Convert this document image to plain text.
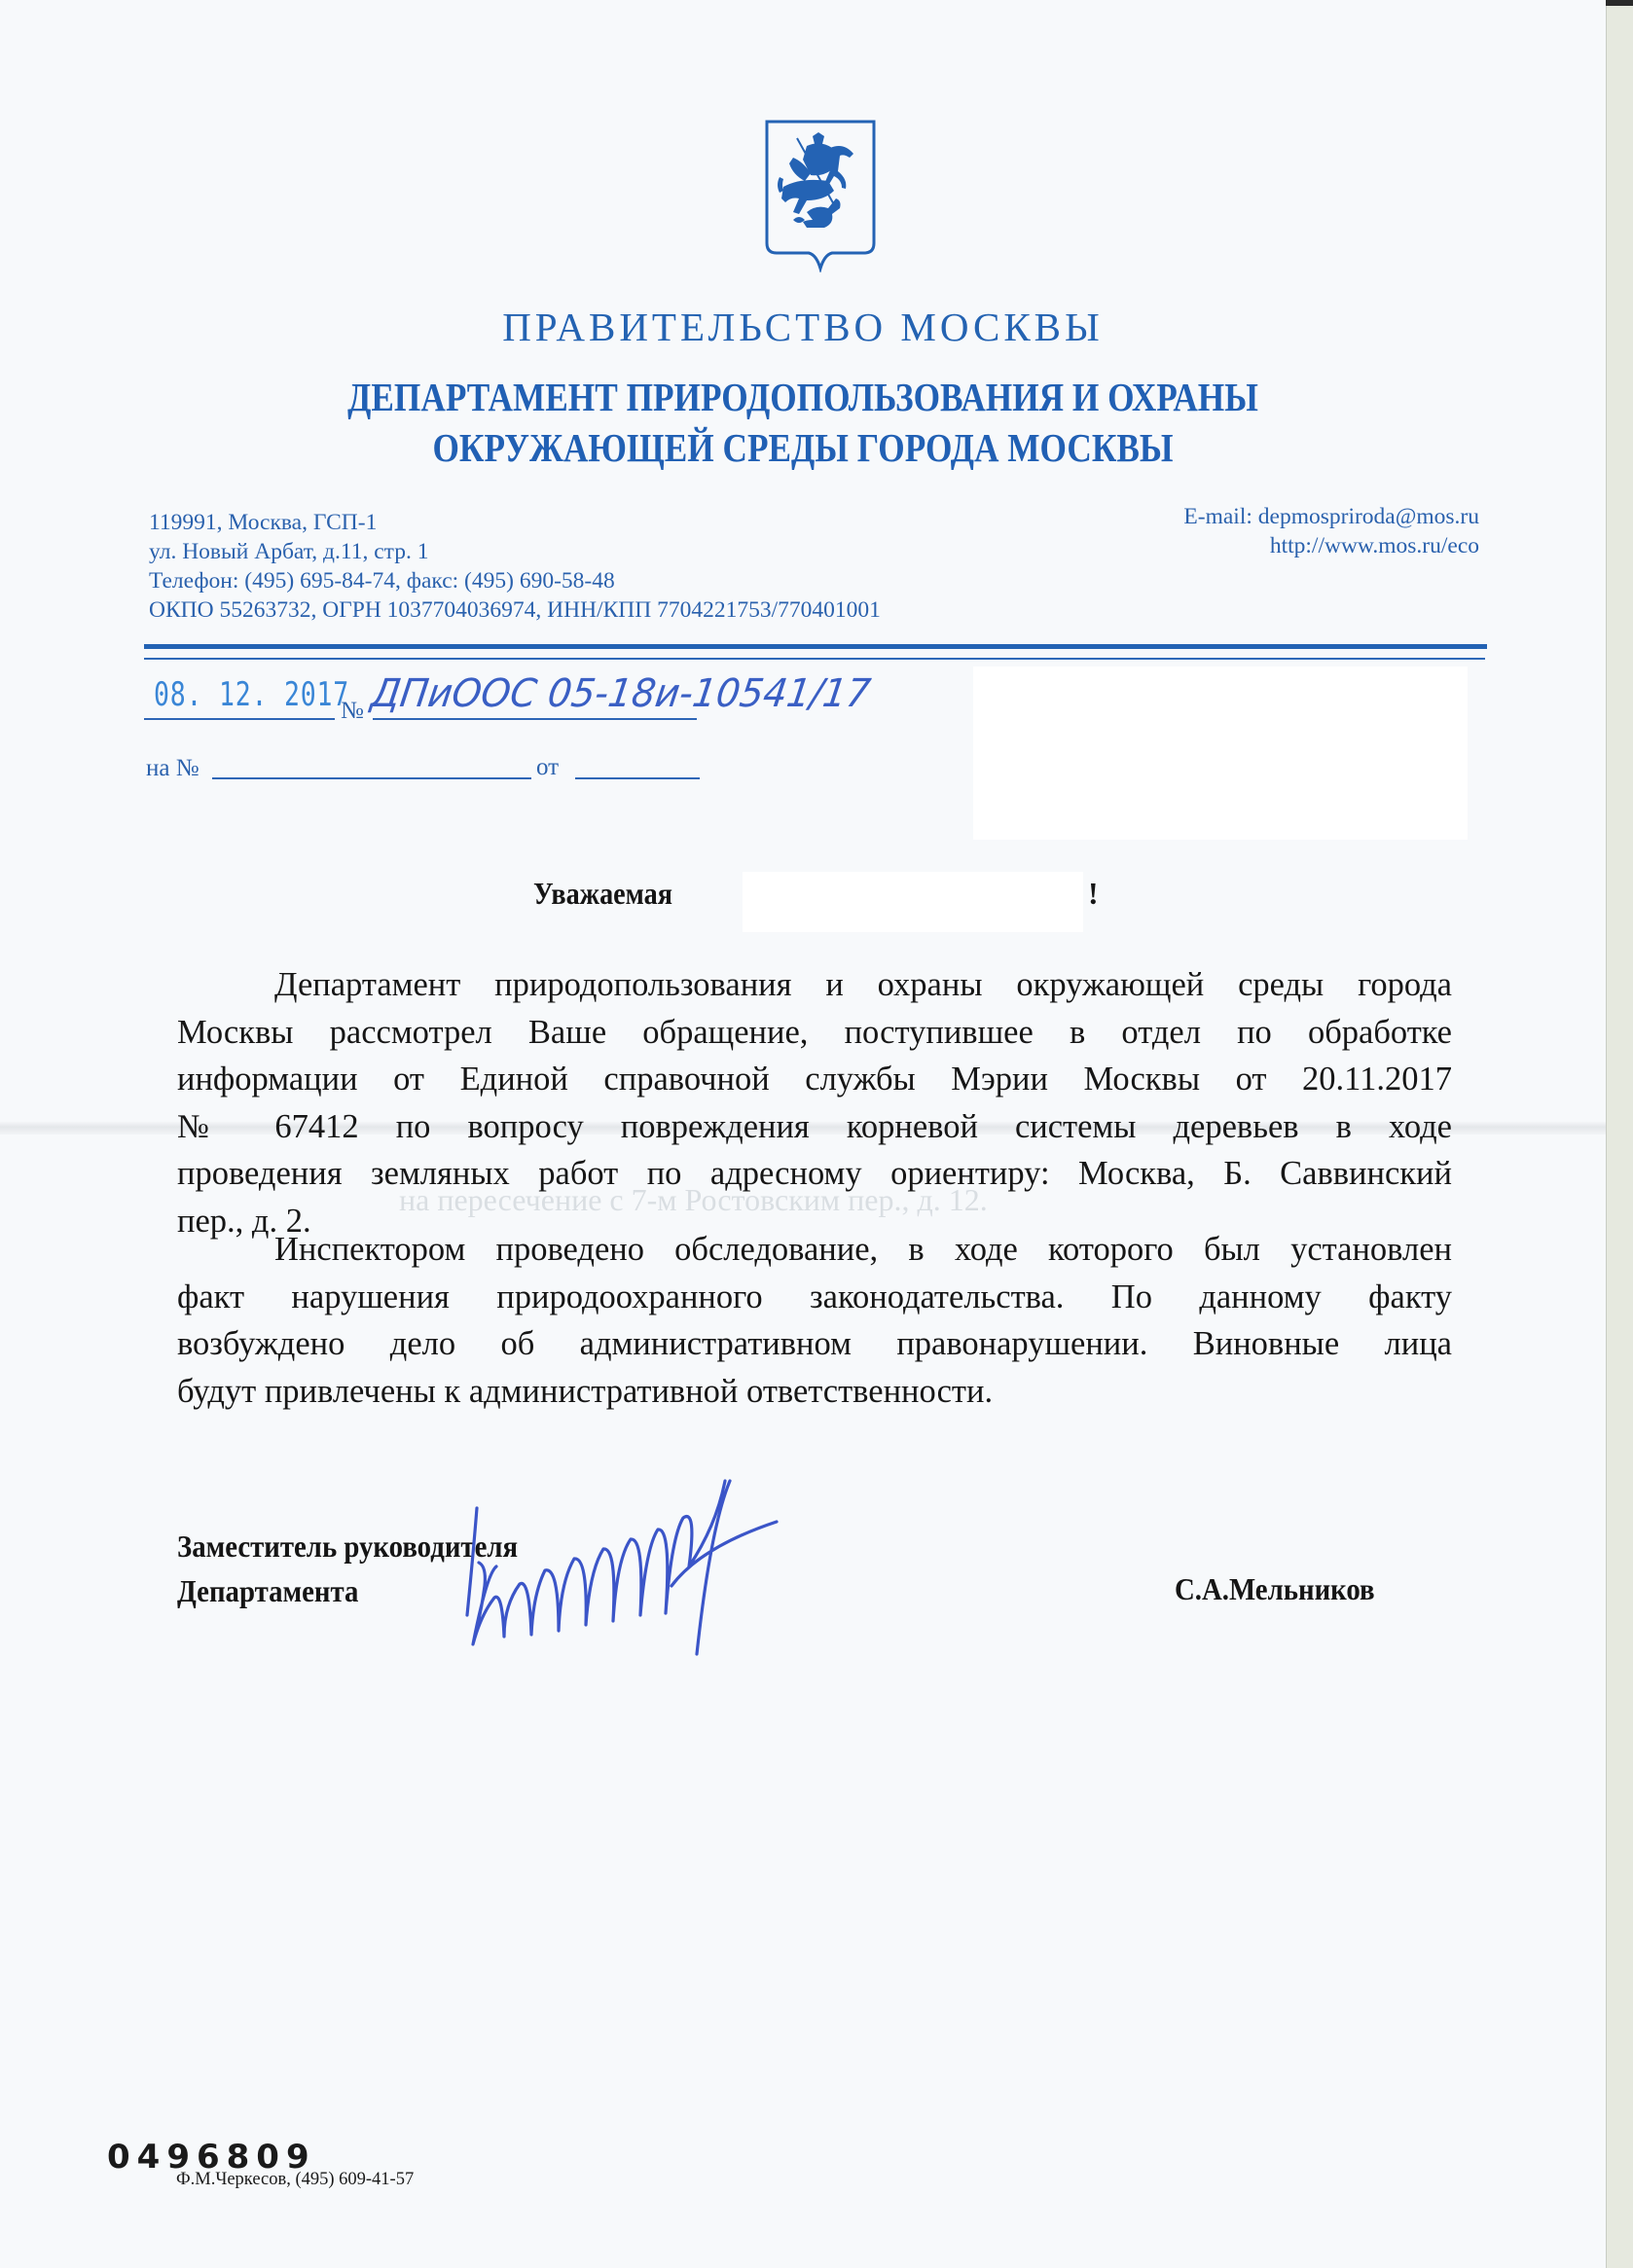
ПРАВИТЕЛЬСТВО МОСКВЫ
ДЕПАРТАМЕНТ ПРИРОДОПОЛЬЗОВАНИЯ И ОХРАНЫ
ОКРУЖАЮЩЕЙ СРЕДЫ ГОРОДА МОСКВЫ
119991, Москва, ГСП-1
ул. Новый Арбат, д.11, стр. 1
Телефон: (495) 695-84-74, факс: (495) 690-58-48
ОКПО 55263732, ОГРН 1037704036974, ИНН/КПП 7704221753/770401001
E-mail: depmospriroda@mos.ru
http://www.mos.ru/eco
08. 12. 2017
№ ДПиООС 05-18и-10541/17
на №	от
Уважаемая	!
на пересечение с 7-м Ростовским пер., д. 12.
Департамент природопользования и охраны окружающей среды города
Москвы рассмотрел Ваше обращение, поступившее в отдел по обработке
информации от Единой справочной службы Мэрии Москвы от 20.11.2017
№ 67412 по вопросу повреждения корневой системы деревьев в ходе
проведения земляных работ по адресному ориентиру: Москва, Б. Саввинский
пер., д. 2.
Инспектором проведено обследование, в ходе которого был установлен
факт нарушения природоохранного законодательства. По данному факту
возбуждено дело об административном правонарушении. Виновные лица
будут привлечены к административной ответственности.
Заместитель руководителя
Департамента	С.А.Мельников
0496809
Ф.М.Черкесов, (495) 609-41-57
